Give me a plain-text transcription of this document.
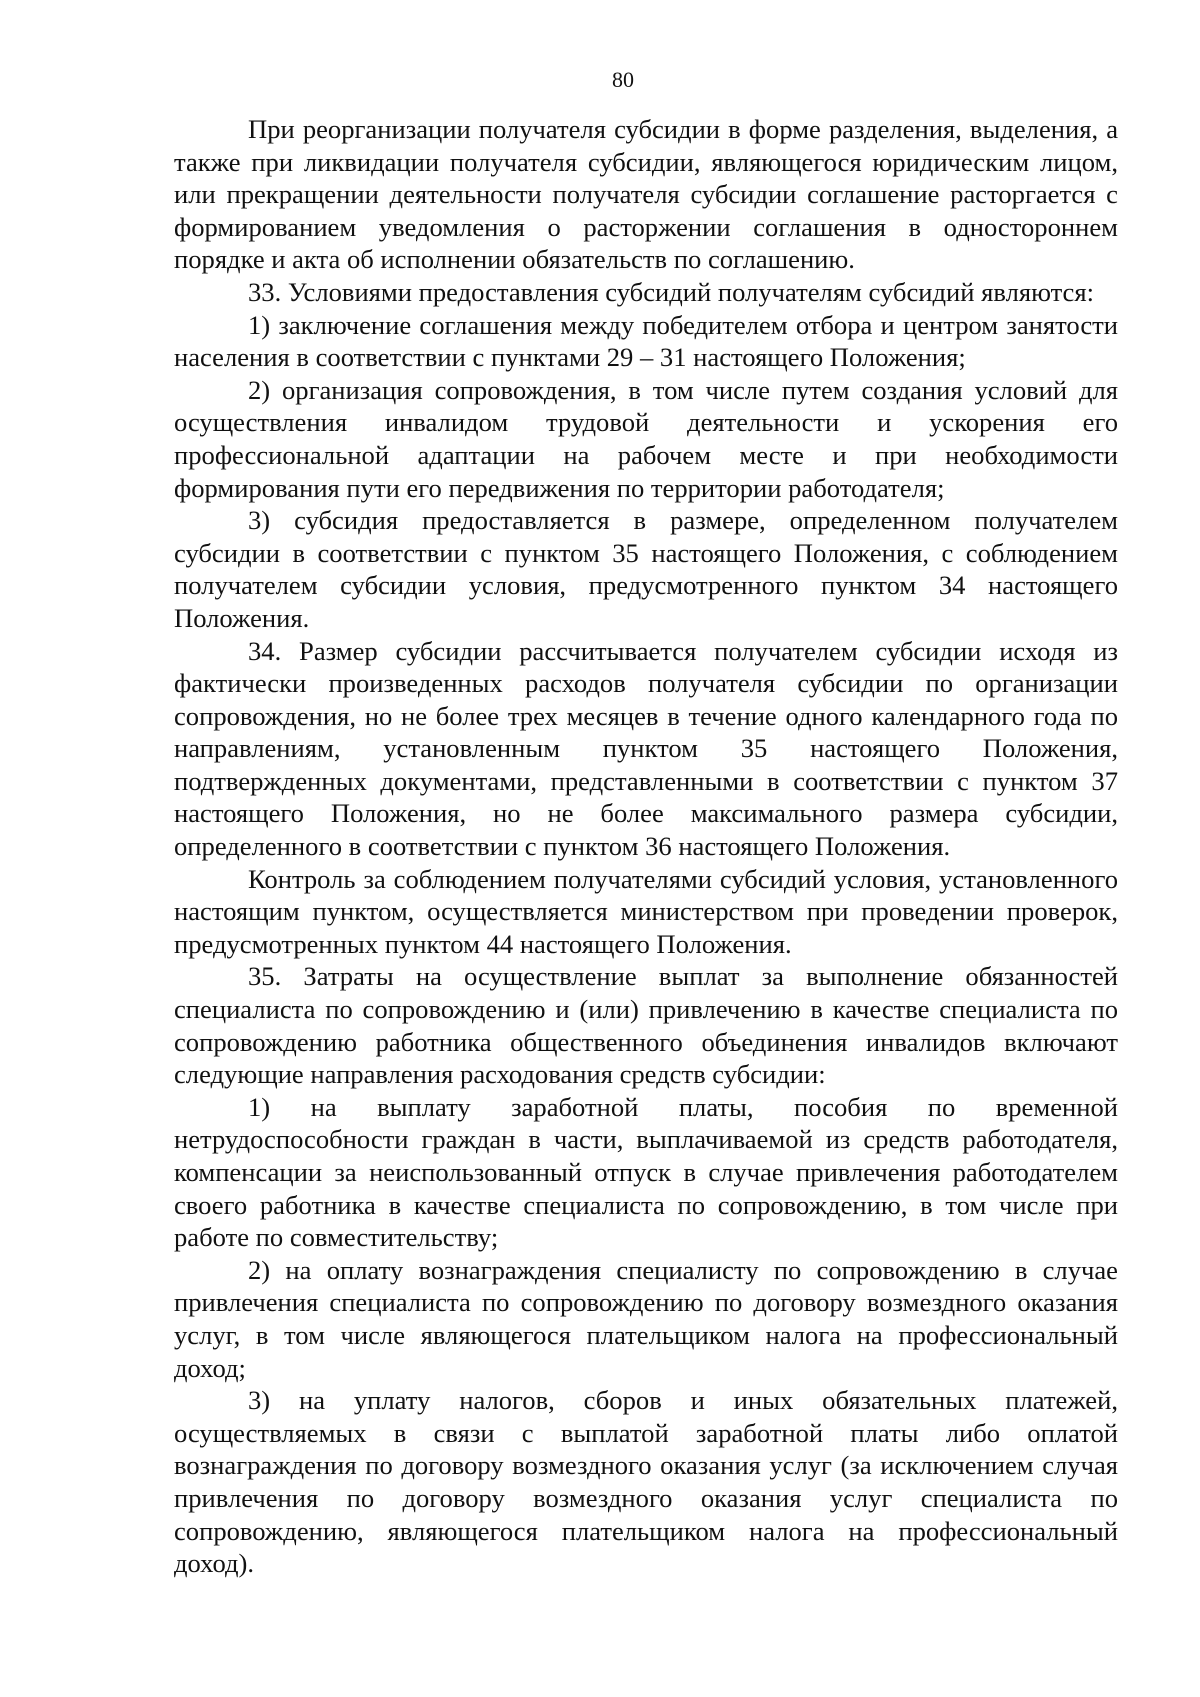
80

При реорганизации получателя субсидии в форме разделения, выделения, а также при ликвидации получателя субсидии, являющегося юридическим лицом, или прекращении деятельности получателя субсидии соглашение расторгается с формированием уведомления о расторжении соглашения в одностороннем порядке и акта об исполнении обязательств по соглашению.

33. Условиями предоставления субсидий получателям субсидий являются:

1) заключение соглашения между победителем отбора и центром занятости населения в соответствии с пунктами 29 – 31 настоящего Положения;

2) организация сопровождения, в том числе путем создания условий для осуществления инвалидом трудовой деятельности и ускорения его профессиональной адаптации на рабочем месте и при необходимости формирования пути его передвижения по территории работодателя;

3) субсидия предоставляется в размере, определенном получателем субсидии в соответствии с пунктом 35 настоящего Положения, с соблюдением получателем субсидии условия, предусмотренного пунктом 34 настоящего Положения.

34. Размер субсидии рассчитывается получателем субсидии исходя из фактически произведенных расходов получателя субсидии по организации сопровождения, но не более трех месяцев в течение одного календарного года по направлениям, установленным пунктом 35 настоящего Положения, подтвержденных документами, представленными в соответствии с пунктом 37 настоящего Положения, но не более максимального размера субсидии, определенного в соответствии с пунктом 36 настоящего Положения.

Контроль за соблюдением получателями субсидий условия, установленного настоящим пунктом, осуществляется министерством при проведении проверок, предусмотренных пунктом 44 настоящего Положения.

35. Затраты на осуществление выплат за выполнение обязанностей специалиста по сопровождению и (или) привлечению в качестве специалиста по сопровождению работника общественного объединения инвалидов включают следующие направления расходования средств субсидии:

1) на выплату заработной платы, пособия по временной нетрудоспособности граждан в части, выплачиваемой из средств работодателя, компенсации за неиспользованный отпуск в случае привлечения работодателем своего работника в качестве специалиста по сопровождению, в том числе при работе по совместительству;

2) на оплату вознаграждения специалисту по сопровождению в случае привлечения специалиста по сопровождению по договору возмездного оказания услуг, в том числе являющегося плательщиком налога на профессиональный доход;

3) на уплату налогов, сборов и иных обязательных платежей, осуществляемых в связи с выплатой заработной платы либо оплатой вознаграждения по договору возмездного оказания услуг (за исключением случая привлечения по договору возмездного оказания услуг специалиста по сопровождению, являющегося плательщиком налога на профессиональный доход).
